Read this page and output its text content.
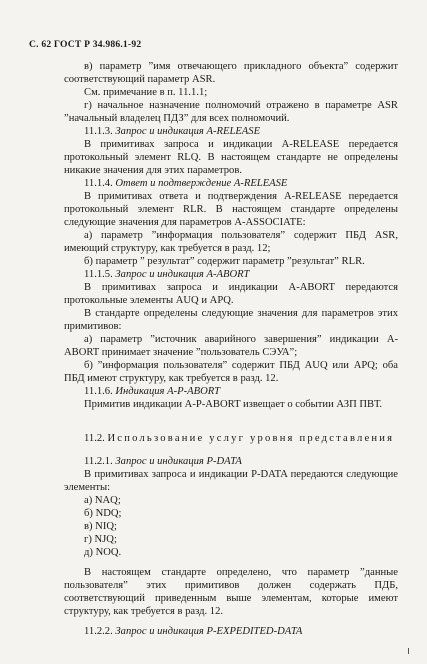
С. 62 ГОСТ Р 34.986.1-92

в) параметр ”имя отвечающего прикладного объекта” содержит соответствующий параметр ASR.

См. примечание в п. 11.1.1;

г) начальное назначение полномочий отражено в параметре ASR ”начальный владелец ПДЗ” для всех полномочий.

11.1.3. Запрос и индикация A-RELEASE

В примитивах запроса и индикации A-RELEASE передается протокольный элемент RLQ. В настоящем стандарте не определены никакие значения для этих параметров.

11.1.4. Ответ и подтверждение A-RELEASE

В примитивах ответа и подтверждения A-RELEASE передается протокольный элемент RLR. В настоящем стандарте определены следующие значения для параметров A-ASSOCIATE:

а) параметр ”информация пользователя” содержит ПБД ASR, имеющий структуру, как требуется в разд. 12;

б) параметр ” результат” содержит параметр ”результат” RLR.

11.1.5. Запрос и индикация A-ABORT

В примитивах запроса и индикации A-ABORT передаются протокольные элементы AUQ и APQ.

В стандарте определены следующие значения для параметров этих примитивов:

а) параметр ”источник аварийного завершения” индикации A-ABORT принимает значение ”пользователь СЭУА”;

б) ”информация пользователя” содержит ПБД AUQ или APQ; оба ПБД имеют структуру, как требуется в разд. 12.

11.1.6. Индикация A-P-ABORT

Примитив индикации A-P-ABORT извещает о событии АЗП ПВТ.

11.2. Использование услуг уровня представления

11.2.1. Запрос и индикация P-DATA

В примитивах запроса и индикации P-DATA передаются следующие элементы:

а) NAQ;

б) NDQ;

в) NIQ;

г) NJQ;

д) NOQ.

В настоящем стандарте определено, что параметр ”данные пользователя” этих примитивов должен содержать ПДБ, соответствующий приведенным выше элементам, которые имеют структуру, как требуется в разд. 12.

11.2.2. Запрос и индикация P-EXPEDITED-DATA
